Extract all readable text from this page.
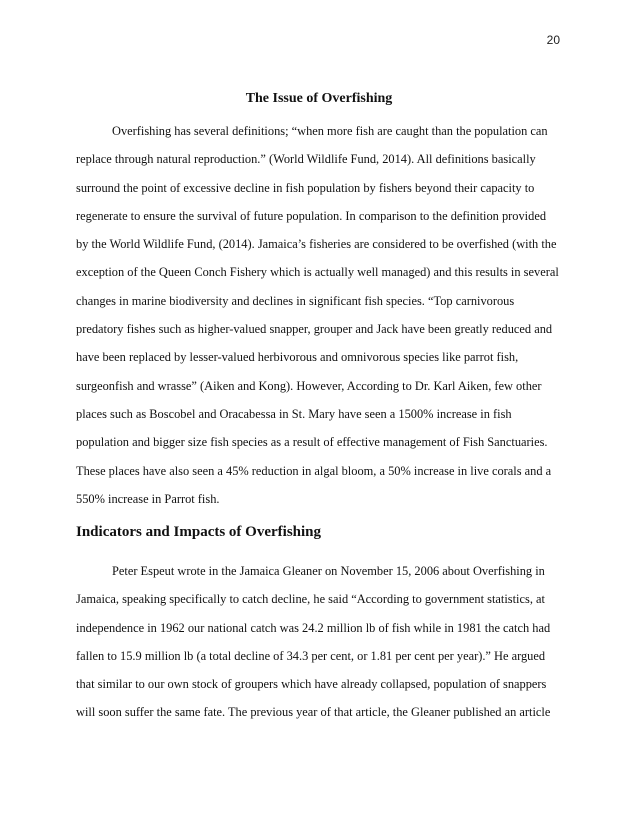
20
The Issue of Overfishing
Overfishing has several definitions; “when more fish are caught than the population can
replace through natural reproduction.” (World Wildlife Fund, 2014). All definitions basically
surround the point of excessive decline in fish population by fishers beyond their capacity to
regenerate to ensure the survival of future population. In comparison to the definition provided
by the World Wildlife Fund, (2014). Jamaica’s fisheries are considered to be overfished (with the
exception of the Queen Conch Fishery which is actually well managed) and this results in several
changes in marine biodiversity and declines in significant fish species. “Top carnivorous
predatory fishes such as higher-valued snapper, grouper and Jack have been greatly reduced and
have been replaced by lesser-valued herbivorous and omnivorous species like parrot fish,
surgeonfish and wrasse” (Aiken and Kong). However, According to Dr. Karl Aiken, few other
places such as Boscobel and Oracabessa in St. Mary have seen a 1500% increase in fish
population and bigger size fish species as a result of effective management of Fish Sanctuaries.
These places have also seen a 45% reduction in algal bloom, a 50% increase in live corals and a
550% increase in Parrot fish.
Indicators and Impacts of Overfishing
Peter Espeut wrote in the Jamaica Gleaner on November 15, 2006 about Overfishing in
Jamaica, speaking specifically to catch decline, he said “According to government statistics, at
independence in 1962 our national catch was 24.2 million lb of fish while in 1981 the catch had
fallen to 15.9 million lb (a total decline of 34.3 per cent, or 1.81 per cent per year).” He argued
that similar to our own stock of groupers which have already collapsed, population of snappers
will soon suffer the same fate. The previous year of that article, the Gleaner published an article
